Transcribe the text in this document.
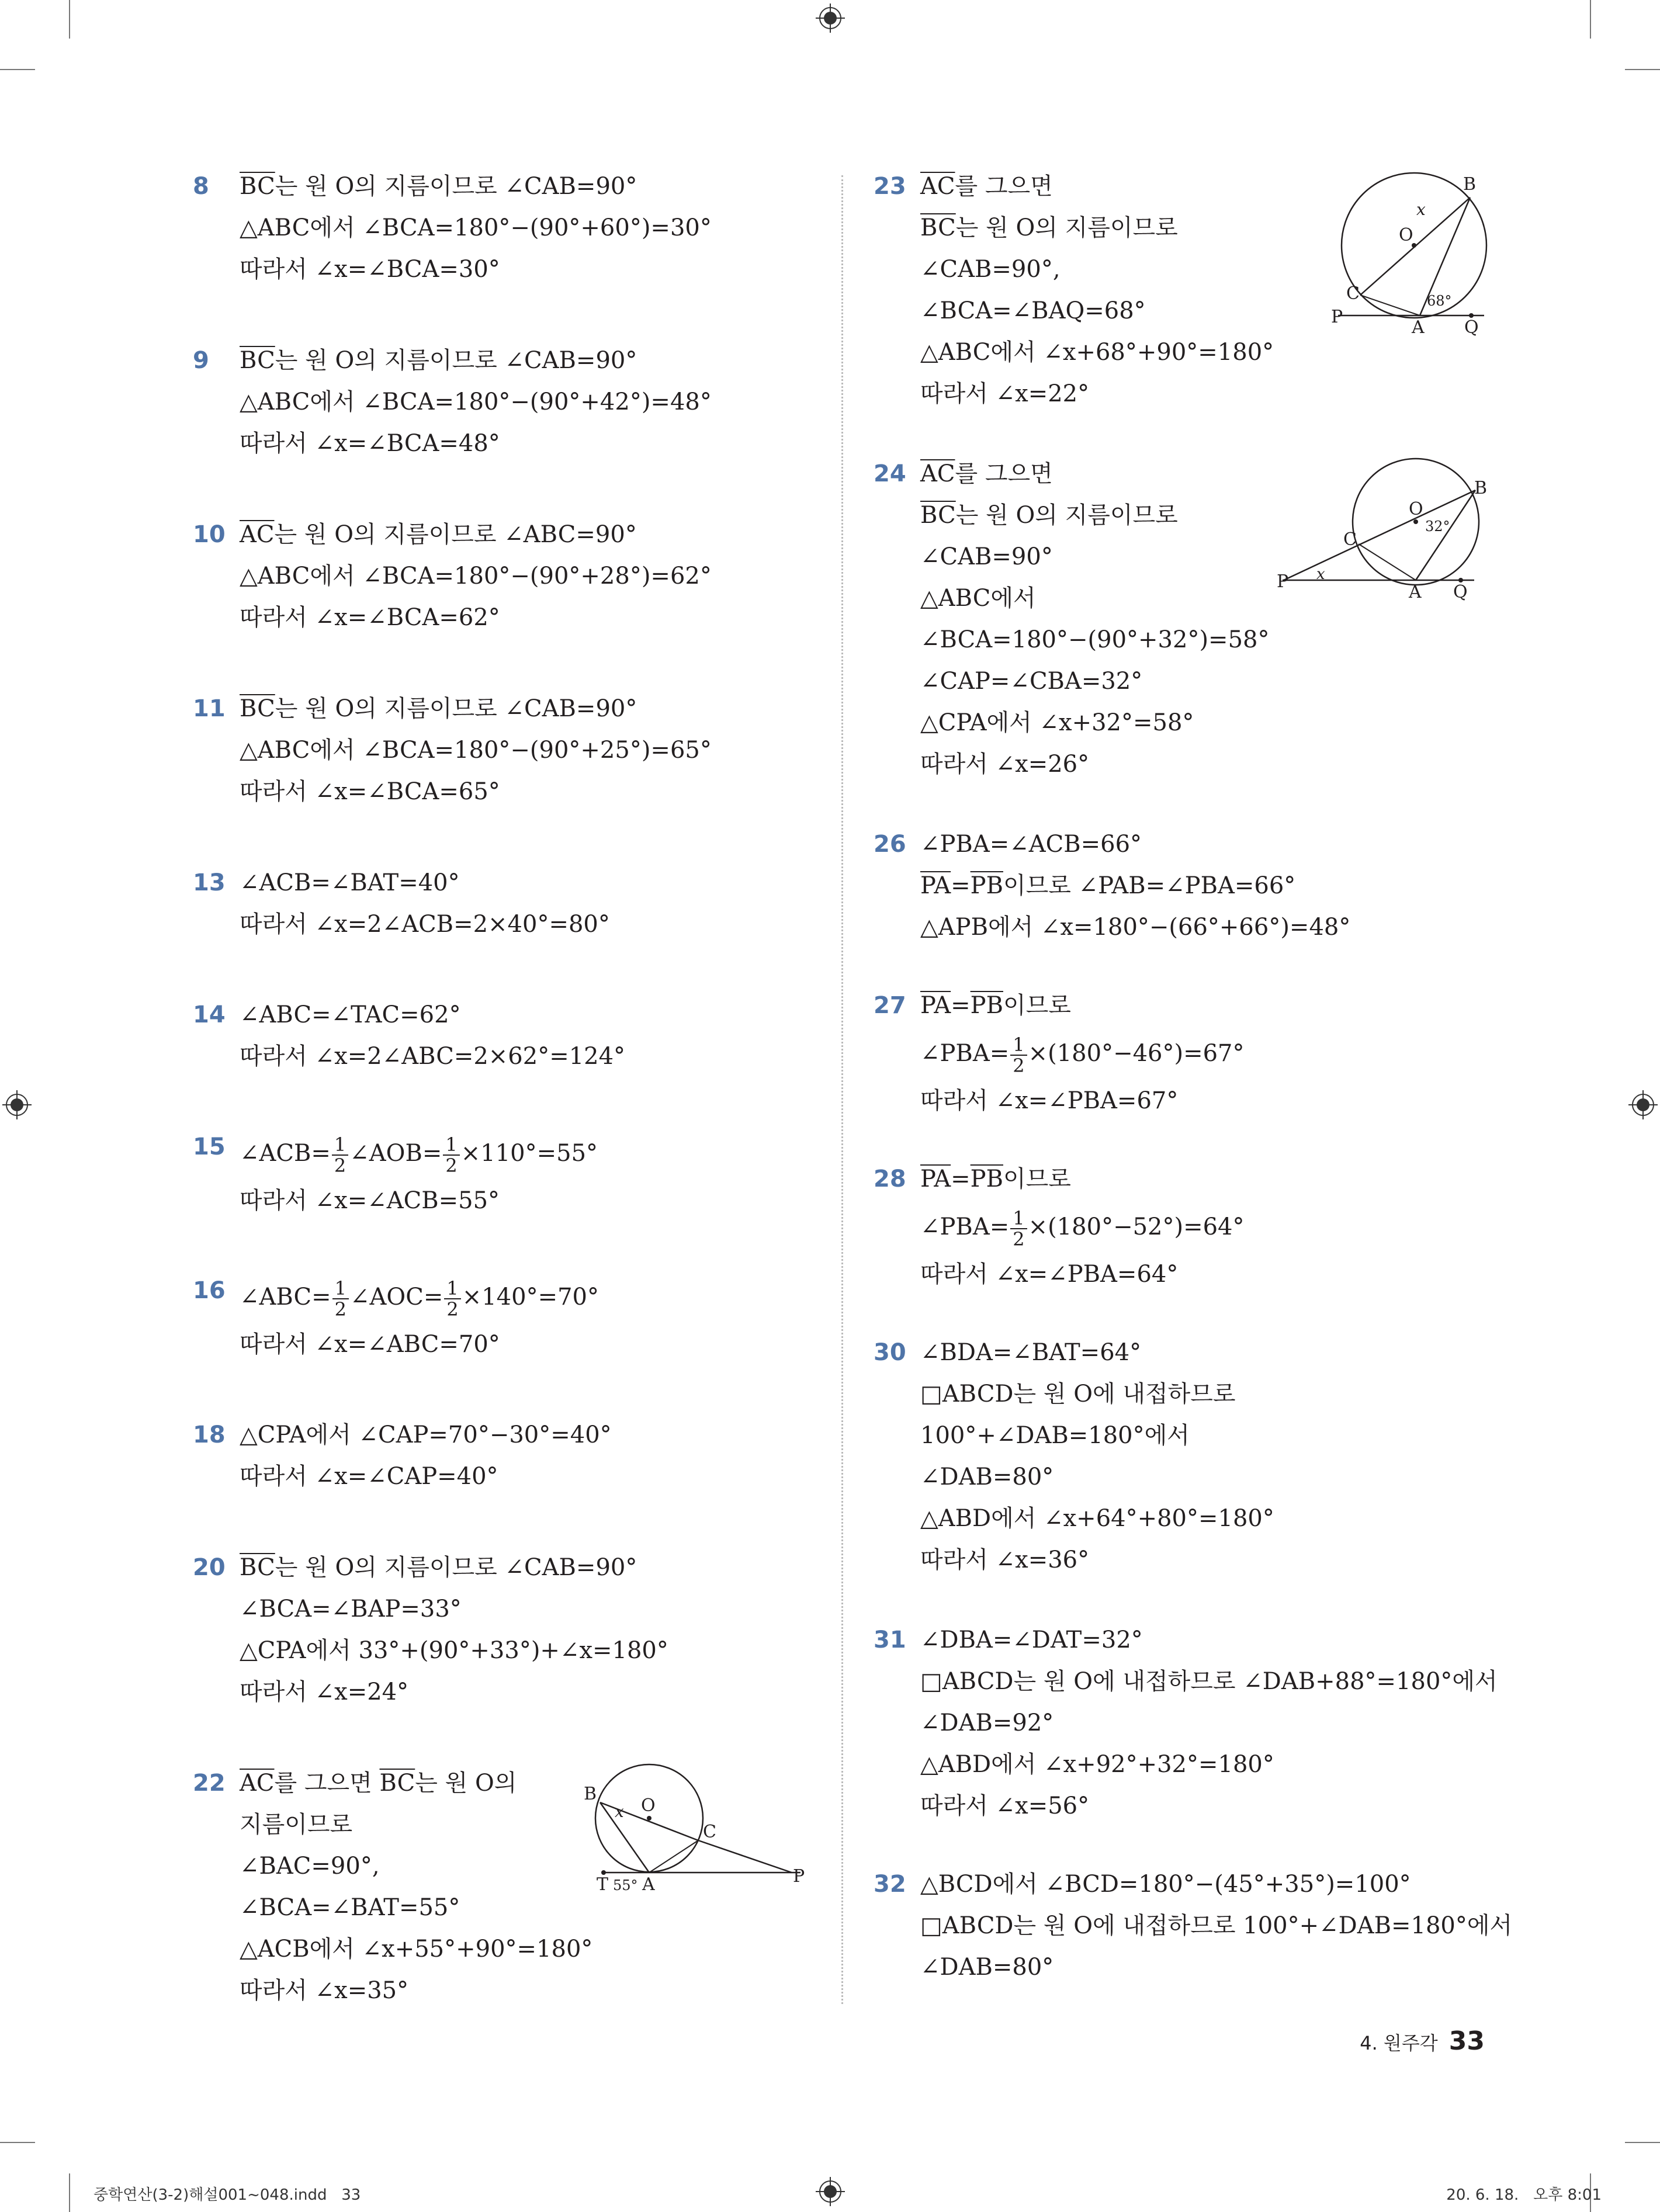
8	$\overline{BC}$는 원 O의 지름이므로 ∠CAB=90°
△ABC에서 ∠BCA=180°−(90°+60°)=30°
따라서 ∠x=∠BCA=30°
9	$\overline{BC}$는 원 O의 지름이므로 ∠CAB=90°
△ABC에서 ∠BCA=180°−(90°+42°)=48°
따라서 ∠x=∠BCA=48°
10 $\overline{AC}$는 원 O의 지름이므로 ∠ABC=90°
△ABC에서 ∠BCA=180°−(90°+28°)=62°
따라서 ∠x=∠BCA=62°
11 $\overline{BC}$는 원 O의 지름이므로 ∠CAB=90°
△ABC에서 ∠BCA=180°−(90°+25°)=65°
따라서 ∠x=∠BCA=65°
13 ∠ACB=∠BAT=40°
따라서 ∠x=2∠ACB=2×40°=80°
14 ∠ABC=∠TAC=62°
따라서 ∠x=2∠ABC=2×62°=124°
15 ∠ACB= $\frac{1}{2}$ ∠AOB= $\frac{1}{2} \times 110^\circ=55^\circ$
따라서 ∠x=∠ACB=55°
16 ∠ABC= $\frac{1}{2}$ ∠AOC= $\frac{1}{2} \times 140^\circ=70^\circ$
따라서 ∠x=∠ABC=70°
18 △CPA에서 ∠CAP=70°−30°=40°
따라서 ∠x=∠CAP=40°
20 $\overline{BC}$는 원 O의 지름이므로 ∠CAB=90°
∠BCA=∠BAP=33°
△CPA에서 33°+(90°+33°)+∠x=180°
따라서 ∠x=24°
22 $\overline{AC}$를 그으면 $\overline{BC}$는 원 O의
지름이므로
∠BAC=90°,
∠BCA=∠BAT=55°
△ACB에서 ∠x+55°+90°=180°
따라서 ∠x=35°
23 $\overline{AC}$를 그으면
$\overline{BC}$는 원 O의 지름이므로
∠CAB=90°,
∠BCA=∠BAQ=68°
△ABC에서 ∠x+68°+90°=180°
따라서 ∠x=22°
24 $\overline{AC}$를 그으면
$\overline{BC}$는 원 O의 지름이므로
∠CAB=90°
△ABC에서
∠BCA=180°−(90°+32°)=58°
∠CAP=∠CBA=32°
△CPA에서 ∠x+32°=58°
따라서 ∠x=26°
26 ∠PBA=∠ACB=66°
$\overline{PA}=\overline{PB}$이므로 ∠PAB=∠PBA=66°
△APB에서 ∠x=180°−(66°+66°)=48°
27 $\overline{PA}=\overline{PB}$이므로
∠PBA= $\frac{1}{2} \times(180^\circ-46^\circ)=67^\circ$
따라서 ∠x=∠PBA=67°
28 $\overline{PA}=\overline{PB}$이므로
∠PBA= $\frac{1}{2} \times(180^\circ-52^\circ)=64^\circ$
따라서 ∠x=∠PBA=64°
30 ∠BDA=∠BAT=64°
□ABCD는 원 O에 내접하므로
100°+∠DAB=180°에서
∠DAB=80°
△ABD에서 ∠x+64°+80°=180°
따라서 ∠x=36°
31 ∠DBA=∠DAT=32°
□ABCD는 원 O에 내접하므로 ∠DAB+88°=180°에서
∠DAB=92°
△ABD에서 ∠x+92°+32°=180°
따라서 ∠x=56°
32 △BCD에서 ∠BCD=180°−(45°+35°)=100°
□ABCD는 원 O에 내접하므로 100°+∠DAB=180°에서
∠DAB=80°
B
O
x
C
T 55° A	P
B
x
O
C	68°
P
A Q
B
O
32°
C
P x
A Q
4. 원주각 33
중학연산(3-2)해설001~048.indd   33	20. 6. 18.   오후 8:01
